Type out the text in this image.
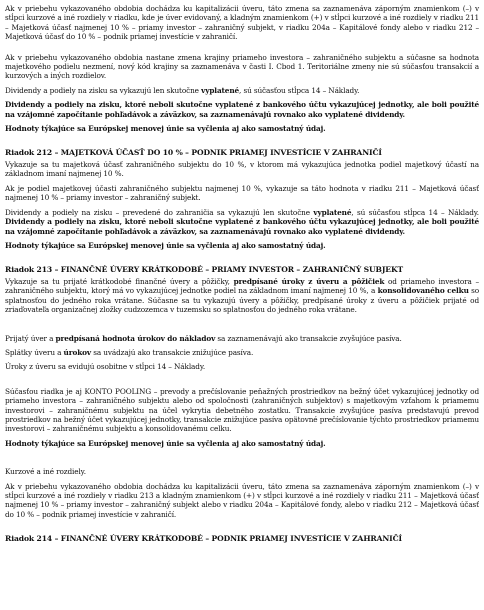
Ak v priebehu vykazovaného obdobia dochádza ku kapitalizácii úveru, táto zmena sa zaznamenáva záporným znamienkom (–) v stĺpci kurzové a iné rozdiely v riadku, kde je úver evidovaný, a kladným znamienkom (+) v stĺpci kurzové a iné rozdiely v riadku 211 – Majetková účasť najmenej 10 % – priamy investor – zahraničný subjekt, v riadku 204a – Kapitálové fondy alebo v riadku 212 – Majetková účasť do 10 % – podnik priamej investície v zahraničí.

Ak v priebehu vykazovaného obdobia nastane zmena krajiny priameho investora – zahraničného subjektu a súčasne sa hodnota majetkového podielu nezmení, nový kód krajiny sa zaznamenáva v časti I. Cbod 1. Teritoriálne zmeny nie sú súčasťou transakcií a kurzových a iných rozdielov.

Dividendy a podiely na zisku sa vykazujú len skutočne vyplatené, sú súčasťou stĺpca 14 – Náklady.

Dividendy a podiely na zisku, ktoré neboli skutočne vyplatené z bankového účtu vykazujúcej jednotky, ale boli použité na vzájomné započítanie pohľadávok a záväzkov, sa zaznamenávajú rovnako ako vyplatené dividendy.

Hodnoty týkajúce sa Európskej menovej únie sa vyčlenia aj ako samostatný údaj.

Riadok 212 – MAJETKOVÁ ÚČASŤ DO 10 % – PODNIK PRIAMEJ INVESTÍCIE V ZAHRANIČÍ

Vykazuje sa tu majetková účasť zahraničného subjektu do 10 %, v ktorom má vykazujúca jednotka podiel majetkový účastí na základnom imaní najmenej 10 %.

Ak je podiel majetkovej účasti zahraničného subjektu najmenej 10 %, vykazuje sa táto hodnota v riadku 211 – Majetková účasť najmenej 10 % – priamy investor – zahraničný subjekt.

Dividendy a podiely na zisku – prevedené do zahraničia sa vykazujú len skutočne vyplatené, sú súčasťou stĺpca 14 – Náklady. Dividendy a podiely na zisku, ktoré neboli skutočne vyplatené z bankového účtu vykazujúcej jednotky, ale boli použité na vzájomné započítanie pohľadávok a záväzkov, sa zaznamenávajú rovnako ako vyplatené dividendy.

Hodnoty týkajúce sa Európskej menovej únie sa vyčlenia aj ako samostatný údaj.

Riadok 213 – FINANČNÉ ÚVERY KRÁTKODOBÉ – PRIAMY INVESTOR – ZAHRANIČNÝ SUBJEKT

Vykazuje sa tu prijaté krátkodobé finančné úvery a pôžičky, predpísané úroky z úveru a pôžičiek od priameho investora – zahraničného subjektu, ktorý má vo vykazujúcej jednotke podiel na základnom imaní najmenej 10 %, a konsolidovaného celku so splatnosťou do jedného roka vrátane. Súčasne sa tu vykazujú úvery a pôžičky, predpísané úroky z úveru a pôžičiek prijaté od zriaďovateľa organizačnej zložky cudzozemca v tuzemsku so splatnosťou do jedného roka vrátane.

Prijatý úver a predpísaná hodnota úrokov do nákladov sa zaznamenávajú ako transakcie zvyšujúce pasíva.

Splátky úveru a úrokov sa uvádzajú ako transakcie znižujúce pasíva.

Úroky z úveru sa evidujú osobitne v stĺpci 14 – Náklady.

Súčasťou riadka je aj KONTO POOLING – prevody a prečíslovanie peňažných prostriedkov na bežný účet vykazujúcej jednotky od priameho investora – zahraničného subjektu alebo od spoločnosti (zahraničných subjektov) s majetkovým vzťahom k priamemu investorovi – zahraničnému subjektu na účel vykrytia debetného zostatku. Transakcie zvyšujúce pasíva predstavujú prevod prostriedkov na bežný účet vykazujúcej jednotky, transakcie znižujúce pasíva opätovné prečíslovanie týchto prostriedkov priamemu investorovi – zahraničnému subjektu a konsolidovanému celku.

Hodnoty týkajúce sa Európskej menovej únie sa vyčlenia aj ako samostatný údaj.

Kurzové a iné rozdiely.

Ak v priebehu vykazovaného obdobia dochádza ku kapitalizácii úveru, táto zmena sa zaznamenáva záporným znamienkom (–) v stĺpci kurzové a iné rozdiely v riadku 213 a kladným znamienkom (+) v stĺpci kurzové a iné rozdiely v riadku 211 – Majetková účasť najmenej 10 % – priamy investor – zahraničný subjekt alebo v riadku 204a – Kapitálové fondy, alebo v riadku 212 – Majetková účasť do 10 % – podnik priamej investície v zahraničí.

Riadok 214 – FINANČNÉ ÚVERY KRÁTKODOBÉ – PODNIK PRIAMEJ INVESTÍCIE V ZAHRANIČÍ
